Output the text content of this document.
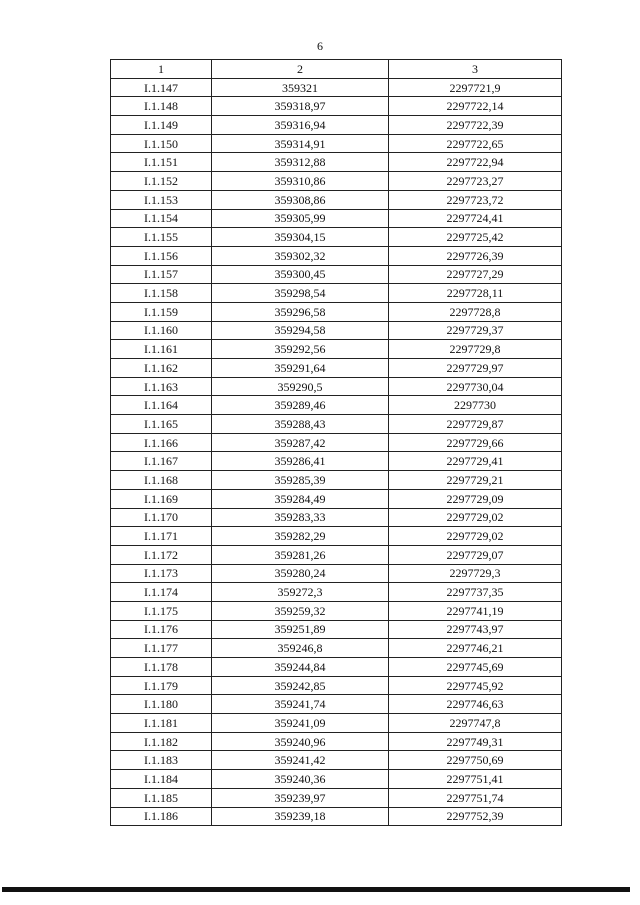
6
1	2	3
I.1.147	359321	2297721,9
I.1.148	359318,97	2297722,14
I.1.149	359316,94	2297722,39
I.1.150	359314,91	2297722,65
I.1.151	359312,88	2297722,94
I.1.152	359310,86	2297723,27
I.1.153	359308,86	2297723,72
I.1.154	359305,99	2297724,41
I.1.155	359304,15	2297725,42
I.1.156	359302,32	2297726,39
I.1.157	359300,45	2297727,29
I.1.158	359298,54	2297728,11
I.1.159	359296,58	2297728,8
I.1.160	359294,58	2297729,37
I.1.161	359292,56	2297729,8
I.1.162	359291,64	2297729,97
I.1.163	359290,5	2297730,04
I.1.164	359289,46	2297730
I.1.165	359288,43	2297729,87
I.1.166	359287,42	2297729,66
I.1.167	359286,41	2297729,41
I.1.168	359285,39	2297729,21
I.1.169	359284,49	2297729,09
I.1.170	359283,33	2297729,02
I.1.171	359282,29	2297729,02
I.1.172	359281,26	2297729,07
I.1.173	359280,24	2297729,3
I.1.174	359272,3	2297737,35
I.1.175	359259,32	2297741,19
I.1.176	359251,89	2297743,97
I.1.177	359246,8	2297746,21
I.1.178	359244,84	2297745,69
I.1.179	359242,85	2297745,92
I.1.180	359241,74	2297746,63
I.1.181	359241,09	2297747,8
I.1.182	359240,96	2297749,31
I.1.183	359241,42	2297750,69
I.1.184	359240,36	2297751,41
I.1.185	359239,97	2297751,74
I.1.186	359239,18	2297752,39
